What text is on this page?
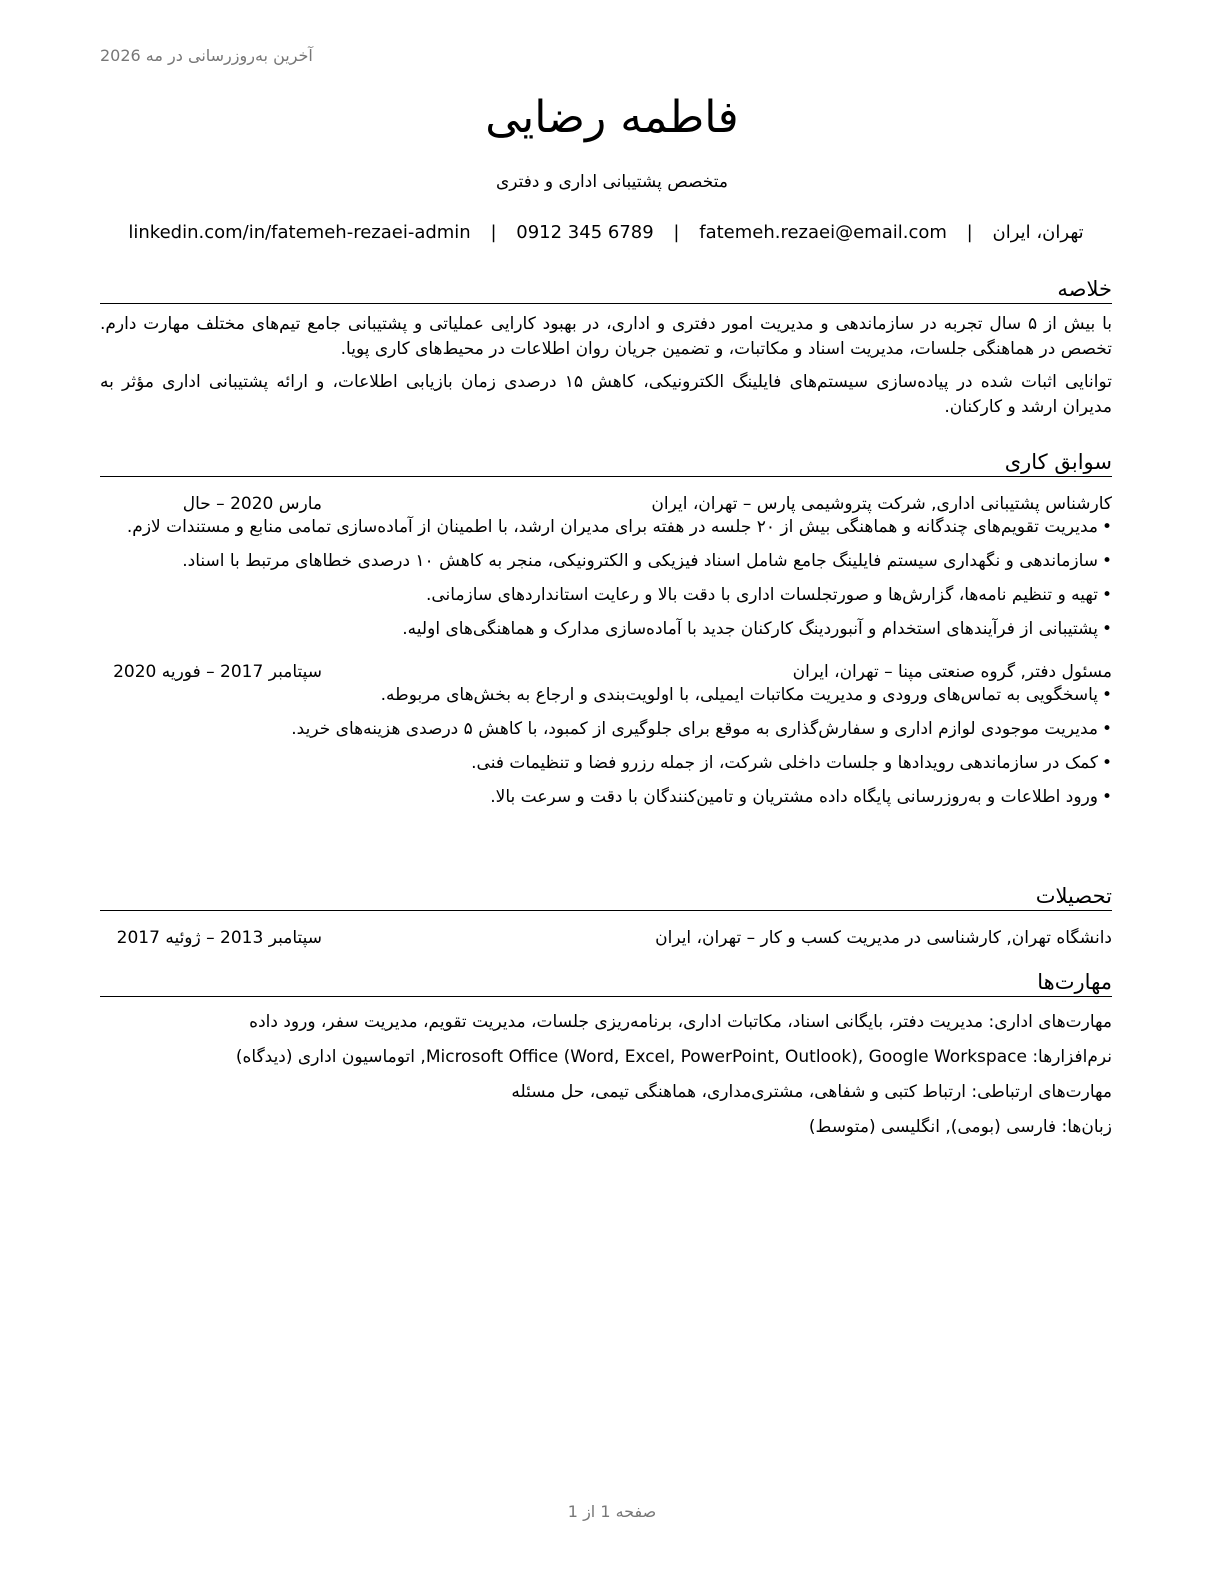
آخرین به‌روزرسانی در مه 2026
فاطمه رضایی
متخصص پشتیبانی اداری و دفتری
تهران، ایران | fatemeh.rezaei@email.com | 0912 345 6789 | linkedin.com/in/fatemeh-rezaei-admin
خلاصه

با بیش از ۵ سال تجربه در سازماندهی و مدیریت امور دفتری و اداری، در بهبود کارایی عملیاتی و پشتیبانی جامع تیم‌های مختلف مهارت دارم. تخصص در هماهنگی جلسات، مدیریت اسناد و مکاتبات، و تضمین جریان روان اطلاعات در محیط‌های کاری پویا.

توانایی اثبات شده در پیاده‌سازی سیستم‌های فایلینگ الکترونیکی، کاهش ۱۵ درصدی زمان بازیابی اطلاعات، و ارائه پشتیبانی اداری مؤثر به مدیران ارشد و کارکنان.

سوابق کاری
کارشناس پشتیبانی اداری, شرکت پتروشیمی پارس – تهران، ایران
مارس 2020 – حال
• مدیریت تقویم‌های چندگانه و هماهنگی بیش از ۲۰ جلسه در هفته برای مدیران ارشد، با اطمینان از آماده‌سازی تمامی منابع و مستندات لازم.
• سازماندهی و نگهداری سیستم فایلینگ جامع شامل اسناد فیزیکی و الکترونیکی، منجر به کاهش ۱۰ درصدی خطاهای مرتبط با اسناد.
• تهیه و تنظیم نامه‌ها، گزارش‌ها و صورتجلسات اداری با دقت بالا و رعایت استانداردهای سازمانی.
• پشتیبانی از فرآیندهای استخدام و آنبوردینگ کارکنان جدید با آماده‌سازی مدارک و هماهنگی‌های اولیه.
مسئول دفتر, گروه صنعتی مپنا – تهران، ایران
سپتامبر 2017 – فوریه 2020
• پاسخگویی به تماس‌های ورودی و مدیریت مکاتبات ایمیلی، با اولویت‌بندی و ارجاع به بخش‌های مربوطه.
• مدیریت موجودی لوازم اداری و سفارش‌گذاری به موقع برای جلوگیری از کمبود، با کاهش ۵ درصدی هزینه‌های خرید.
• کمک در سازماندهی رویدادها و جلسات داخلی شرکت، از جمله رزرو فضا و تنظیمات فنی.
• ورود اطلاعات و به‌روزرسانی پایگاه داده مشتریان و تامین‌کنندگان با دقت و سرعت بالا.
تحصیلات
دانشگاه تهران, کارشناسی در مدیریت کسب و کار – تهران، ایران
سپتامبر 2013 – ژوئیه 2017
مهارت‌ها

مهارت‌های اداری: مدیریت دفتر، بایگانی اسناد، مکاتبات اداری، برنامه‌ریزی جلسات، مدیریت تقویم، مدیریت سفر، ورود داده

نرم‌افزارها: Microsoft Office (Word, Excel, PowerPoint, Outlook), Google Workspace, اتوماسیون اداری (دیدگاه)

مهارت‌های ارتباطی: ارتباط کتبی و شفاهی، مشتری‌مداری، هماهنگی تیمی، حل مسئله

زبان‌ها: فارسی (بومی), انگلیسی (متوسط)

صفحه 1 از 1
